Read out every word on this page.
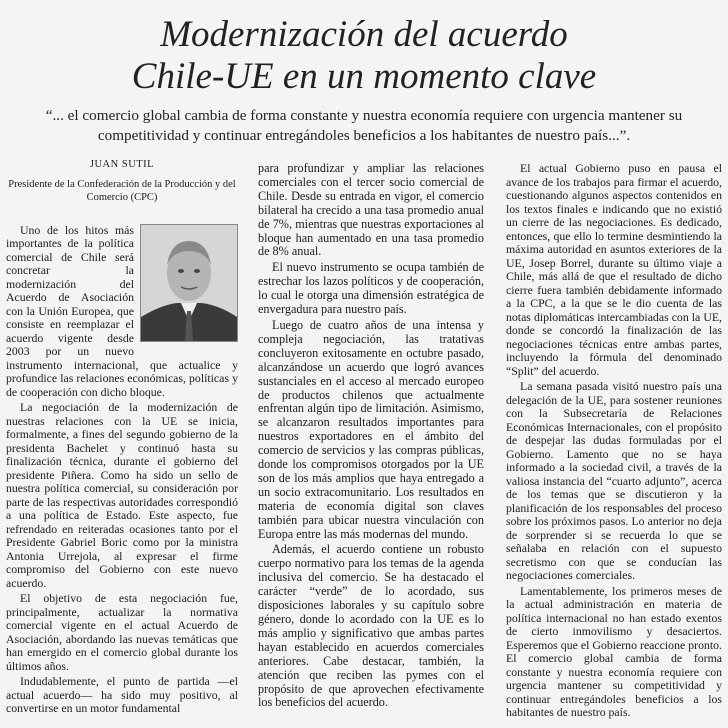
Modernización del acuerdo
Chile-UE en un momento clave
“... el comercio global cambia de forma constante y nuestra economía requiere con urgencia mantener su competitividad y continuar entregándoles beneficios a los habitantes de nuestro país...”.
JUAN SUTIL
Presidente de la Confederación de la Producción y del Comercio (CPC)

Uno de los hitos más importantes de la política comercial de Chile será concretar la modernización del Acuerdo de Asociación con la Unión Europea, que consiste en reemplazar el acuerdo vigente desde 2003 por un nuevo instrumento internacional, que actualice y profundice las relaciones económicas, políticas y de cooperación con dicho bloque.

La negociación de la modernización de nuestras relaciones con la UE se inicia, formalmente, a fines del segundo gobierno de la presidenta Bachelet y continuó hasta su finalización técnica, durante el gobierno del presidente Piñera. Como ha sido un sello de nuestra política comercial, su consideración por parte de las respectivas autoridades correspondió a una política de Estado. Este aspecto, fue refrendado en reiteradas ocasiones tanto por el Presidente Gabriel Boric como por la ministra Antonia Urrejola, al expresar el firme compromiso del Gobierno con este nuevo acuerdo.

El objetivo de esta negociación fue, principalmente, actualizar la normativa comercial vigente en el actual Acuerdo de Asociación, abordando las nuevas temáticas que han emergido en el comercio global durante los últimos años.

Indudablemente, el punto de partida —el actual acuerdo— ha sido muy positivo, al convertirse en un motor fundamental

para profundizar y ampliar las relaciones comerciales con el tercer socio comercial de Chile. Desde su entrada en vigor, el comercio bilateral ha crecido a una tasa promedio anual de 7%, mientras que nuestras exportaciones al bloque han aumentado en una tasa promedio de 8% anual.

El nuevo instrumento se ocupa también de estrechar los lazos políticos y de cooperación, lo cual le otorga una dimensión estratégica de envergadura para nuestro país.

Luego de cuatro años de una intensa y compleja negociación, las tratativas concluyeron exitosamente en octubre pasado, alcanzándose un acuerdo que logró avances sustanciales en el acceso al mercado europeo de productos chilenos que actualmente enfrentan algún tipo de limitación. Asimismo, se alcanzaron resultados importantes para nuestros exportadores en el ámbito del comercio de servicios y las compras públicas, donde los compromisos otorgados por la UE son de los más amplios que haya entregado a un socio extracomunitario. Los resultados en materia de economía digital son claves también para ubicar nuestra vinculación con Europa entre las más modernas del mundo.

Además, el acuerdo contiene un robusto cuerpo normativo para los temas de la agenda inclusiva del comercio. Se ha destacado el carácter “verde” de lo acordado, sus disposiciones laborales y su capítulo sobre género, donde lo acordado con la UE es lo más amplio y significativo que ambas partes hayan establecido en acuerdos comerciales anteriores. Cabe destacar, también, la atención que reciben las pymes con el propósito de que aprovechen efectivamente los beneficios del acuerdo.

El actual Gobierno puso en pausa el avance de los trabajos para firmar el acuerdo, cuestionando algunos aspectos contenidos en los textos finales e indicando que no existió un cierre de las negociaciones. Es dedicado, entonces, que ello lo termine desmintiendo la máxima autoridad en asuntos exteriores de la UE, Josep Borrel, durante su último viaje a Chile, más allá de que el resultado de dicho cierre fuera también debidamente informado a la CPC, a la que se le dio cuenta de las notas diplomáticas intercambiadas con la UE, donde se concordó la finalización de las negociaciones técnicas entre ambas partes, incluyendo la fórmula del denominado “Split” del acuerdo.

La semana pasada visitó nuestro país una delegación de la UE, para sostener reuniones con la Subsecretaría de Relaciones Económicas Internacionales, con el propósito de despejar las dudas formuladas por el Gobierno. Lamento que no se haya informado a la sociedad civil, a través de la valiosa instancia del “cuarto adjunto”, acerca de los temas que se discutieron y la planificación de los responsables del proceso sobre los próximos pasos. Lo anterior no deja de sorprender si se recuerda lo que se señalaba en relación con el supuesto secretismo con que se conducían las negociaciones comerciales.

Lamentablemente, los primeros meses de la actual administración en materia de política internacional no han estado exentos de cierto inmovilismo y desaciertos. Esperemos que el Gobierno reaccione pronto. El comercio global cambia de forma constante y nuestra economía requiere con urgencia mantener su competitividad y continuar entregándoles beneficios a los habitantes de nuestro país.
